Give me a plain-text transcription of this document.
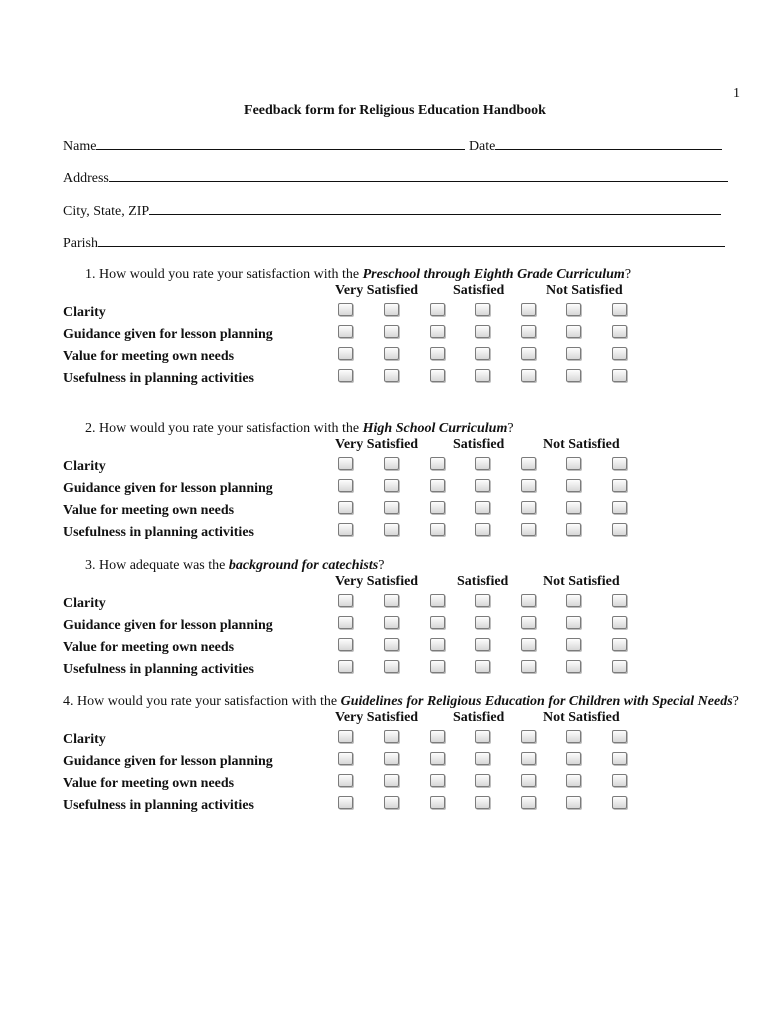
1
Feedback form for Religious Education Handbook
Name	Date
Address
City, State, ZIP
Parish
1. How would you rate your satisfaction with the Preschool through Eighth Grade Curriculum?
Very Satisfied Satisfied	Not Satisfied
Clarity
Guidance given for lesson planning
Value for meeting own needs
Usefulness in planning activities
2. How would you rate your satisfaction with the High School Curriculum?
Very Satisfied Satisfied	Not Satisfied
Clarity
Guidance given for lesson planning
Value for meeting own needs
Usefulness in planning activities
3. How adequate was the background for catechists?
Very Satisfied	Satisfied Not Satisfied
Clarity
Guidance given for lesson planning
Value for meeting own needs
Usefulness in planning activities
4. How would you rate your satisfaction with the Guidelines for Religious Education for Children with Special Needs?
Very Satisfied Satisfied	Not Satisfied
Clarity
Guidance given for lesson planning
Value for meeting own needs
Usefulness in planning activities
